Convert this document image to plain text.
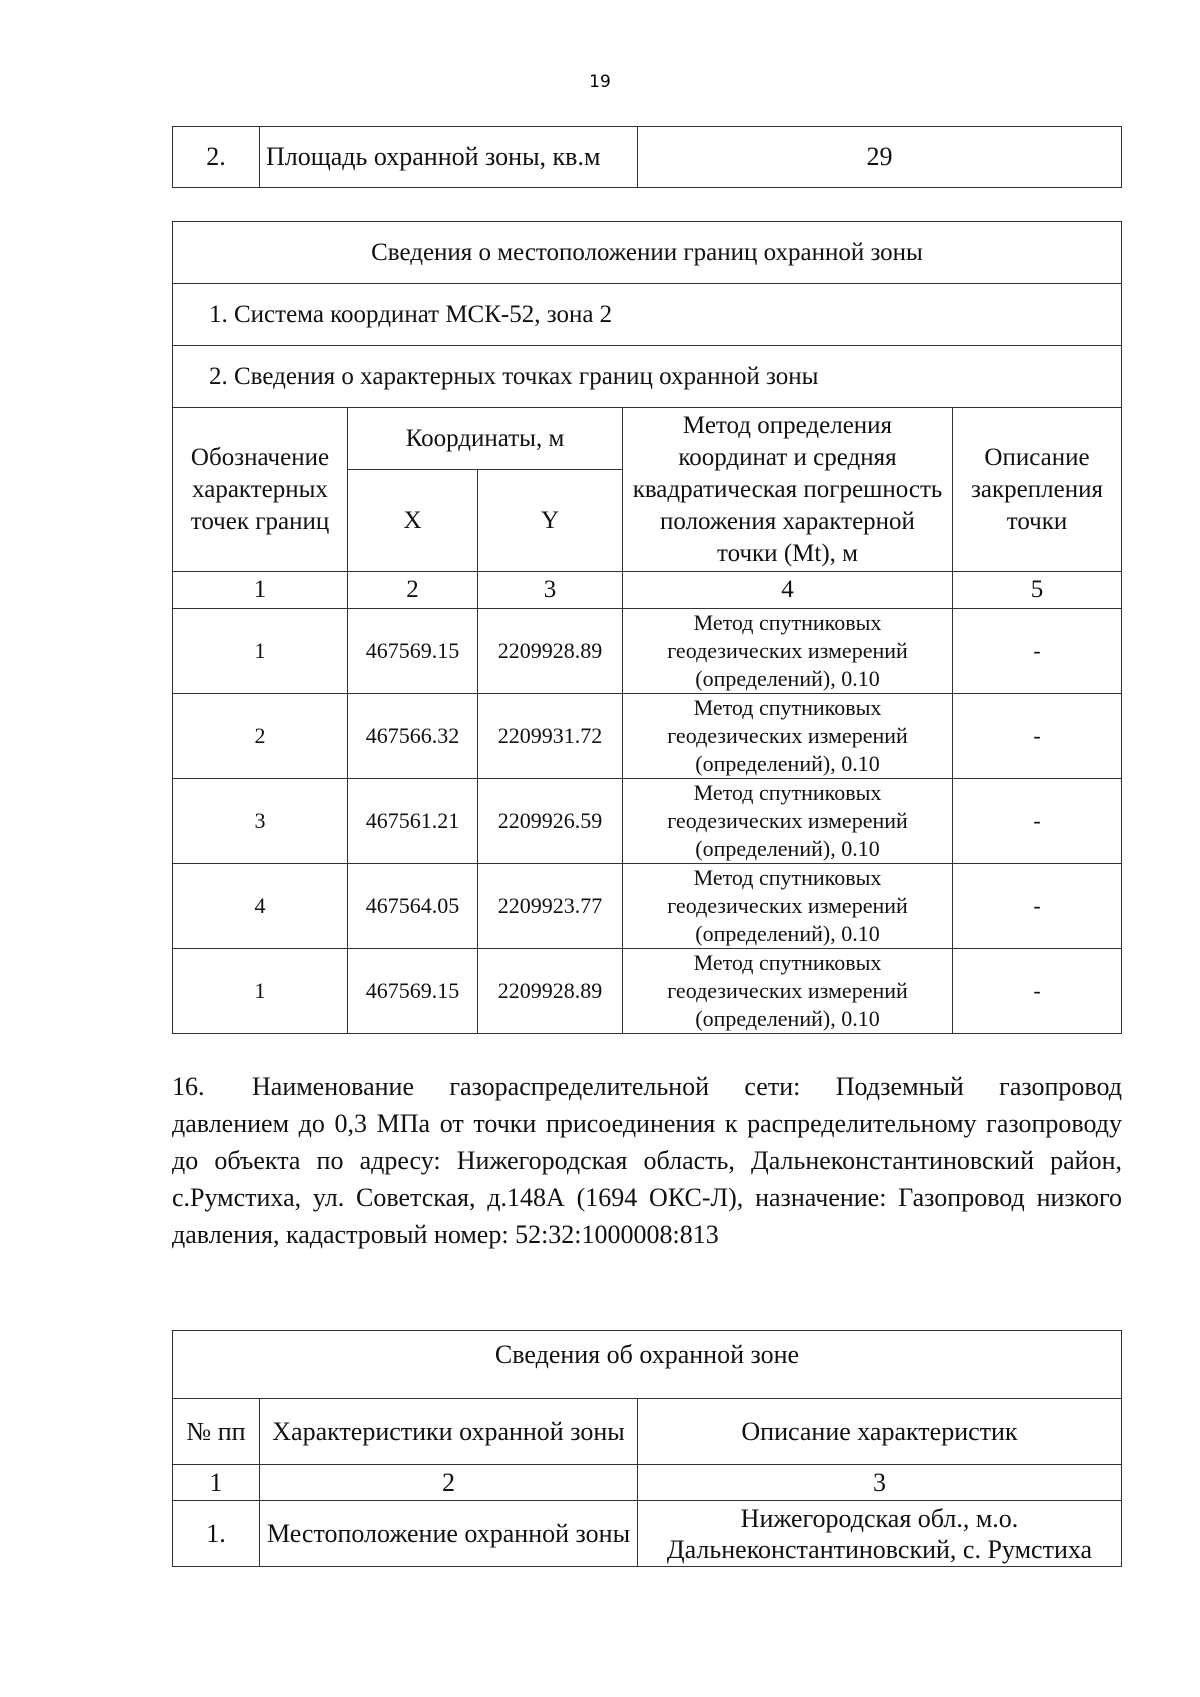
19
2.	Площадь охранной зоны, кв.м	29
Сведения о местоположении границ охранной зоны				
1. Система координат МСК-52, зона 2				
2. Сведения о характерных точках границ охранной зоны				
Обозначение характерных точек границ	Координаты, м		Метод определения координат и средняя квадратическая погрешность положения характерной точки (Mt), м	Описание закрепления точки
	X	Y		
1	2	3	4	5
1	467569.15	2209928.89	Метод спутниковых геодезических измерений (определений), 0.10	-
2	467566.32	2209931.72	Метод спутниковых геодезических измерений (определений), 0.10	-
3	467561.21	2209926.59	Метод спутниковых геодезических измерений (определений), 0.10	-
4	467564.05	2209923.77	Метод спутниковых геодезических измерений (определений), 0.10	-
1	467569.15	2209928.89	Метод спутниковых геодезических измерений (определений), 0.10	-
16. Наименование газораспределительной сети: Подземный газопровод давлением до 0,3 МПа от точки присоединения к распределительному газопроводу до объекта по адресу: Нижегородская область, Дальнеконстантиновский район, с.Румстиха, ул. Советская, д.148А (1694 ОКС-Л), назначение: Газопровод низкого давления, кадастровый номер: 52:32:1000008:813
Сведения об охранной зоне		
№ пп	Характеристики охранной зоны	Описание характеристик
1	2	3
1.	Местоположение охранной зоны	Нижегородская обл., м.о. Дальнеконстантиновский, с. Румстиха
